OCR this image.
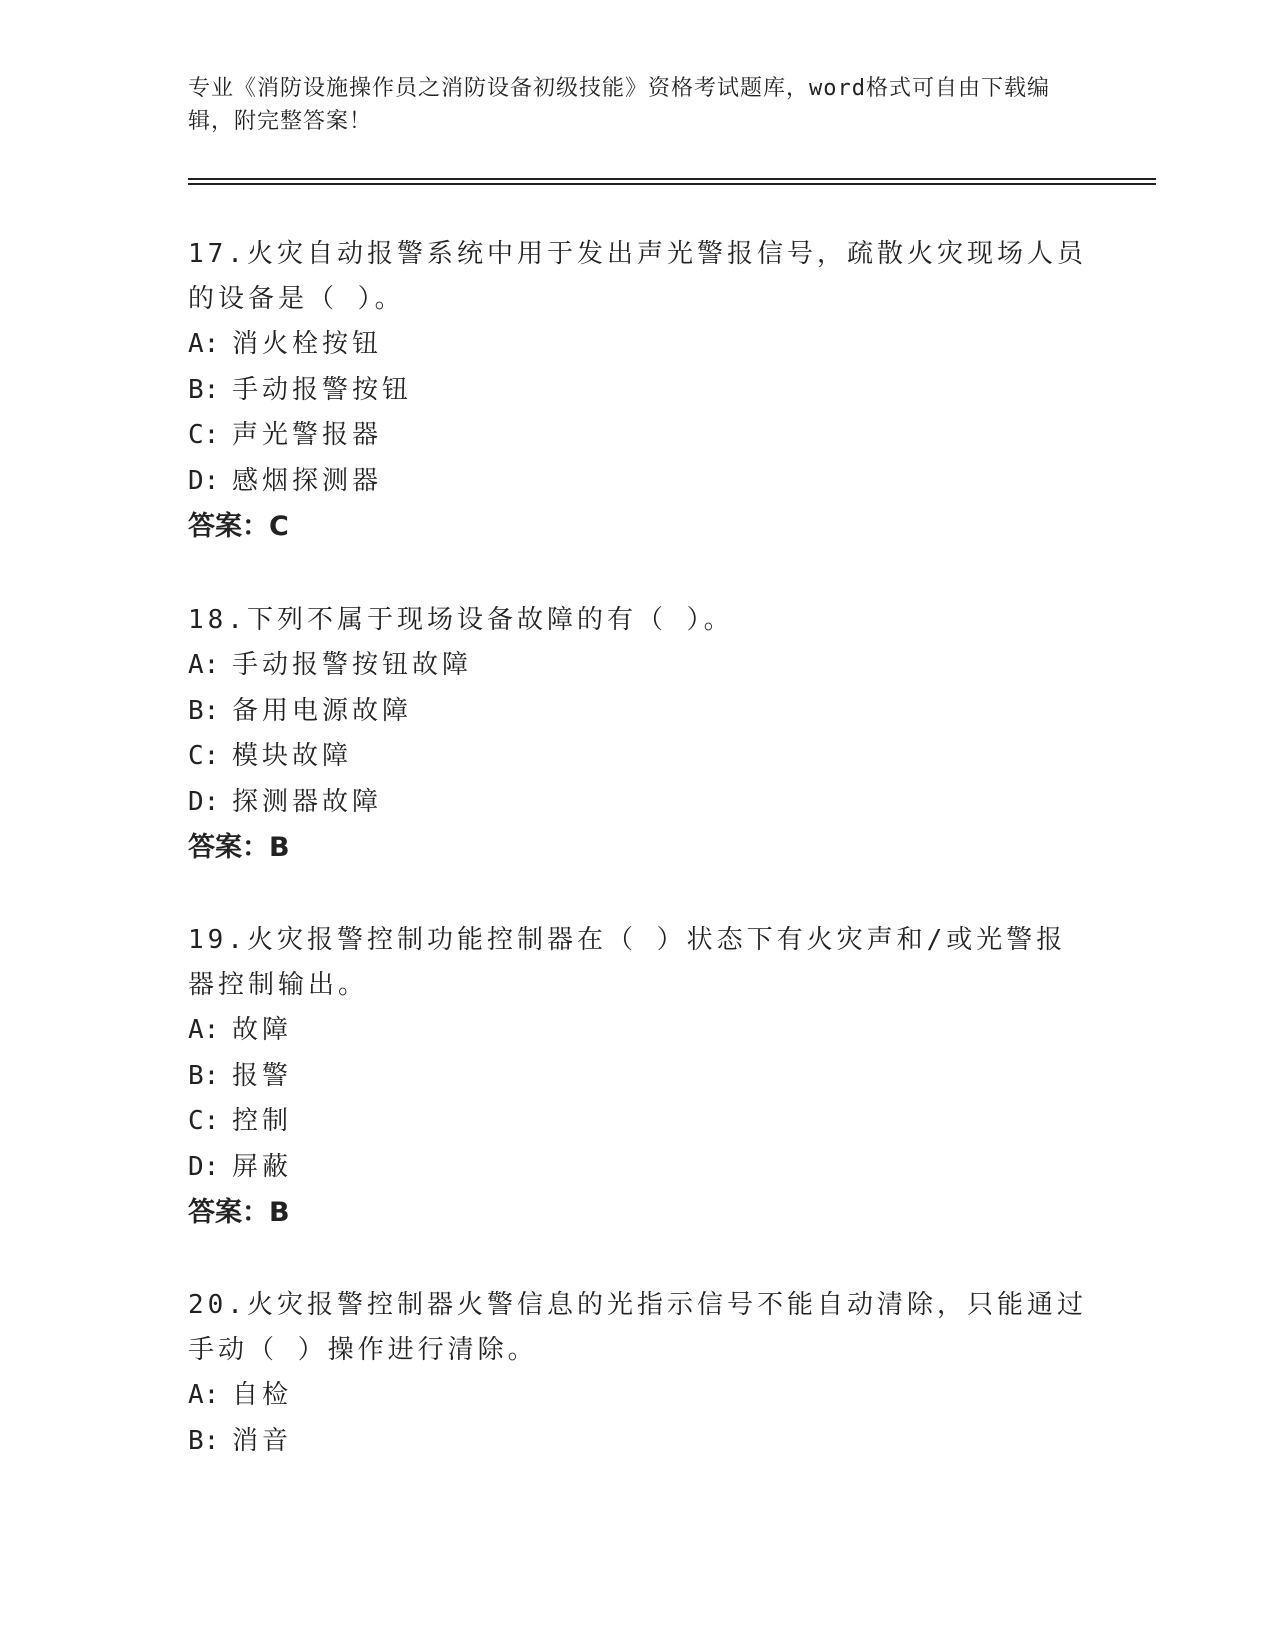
专业《消防设施操作员之消防设备初级技能》资格考试题库，word格式可自由下载编辑，附完整答案！

17.火灾自动报警系统中用于发出声光警报信号，疏散火灾现场人员的设备是（ ）。

A: 消火栓按钮
B: 手动报警按钮
C: 声光警报器
D: 感烟探测器
答案：C

18.下列不属于现场设备故障的有（ ）。

A: 手动报警按钮故障
B: 备用电源故障
C: 模块故障
D: 探测器故障
答案：B

19.火灾报警控制功能控制器在（ ）状态下有火灾声和/或光警报器控制输出。

A: 故障
B: 报警
C: 控制
D: 屏蔽
答案：B

20.火灾报警控制器火警信息的光指示信号不能自动清除，只能通过手动（ ）操作进行清除。

A: 自检
B: 消音
